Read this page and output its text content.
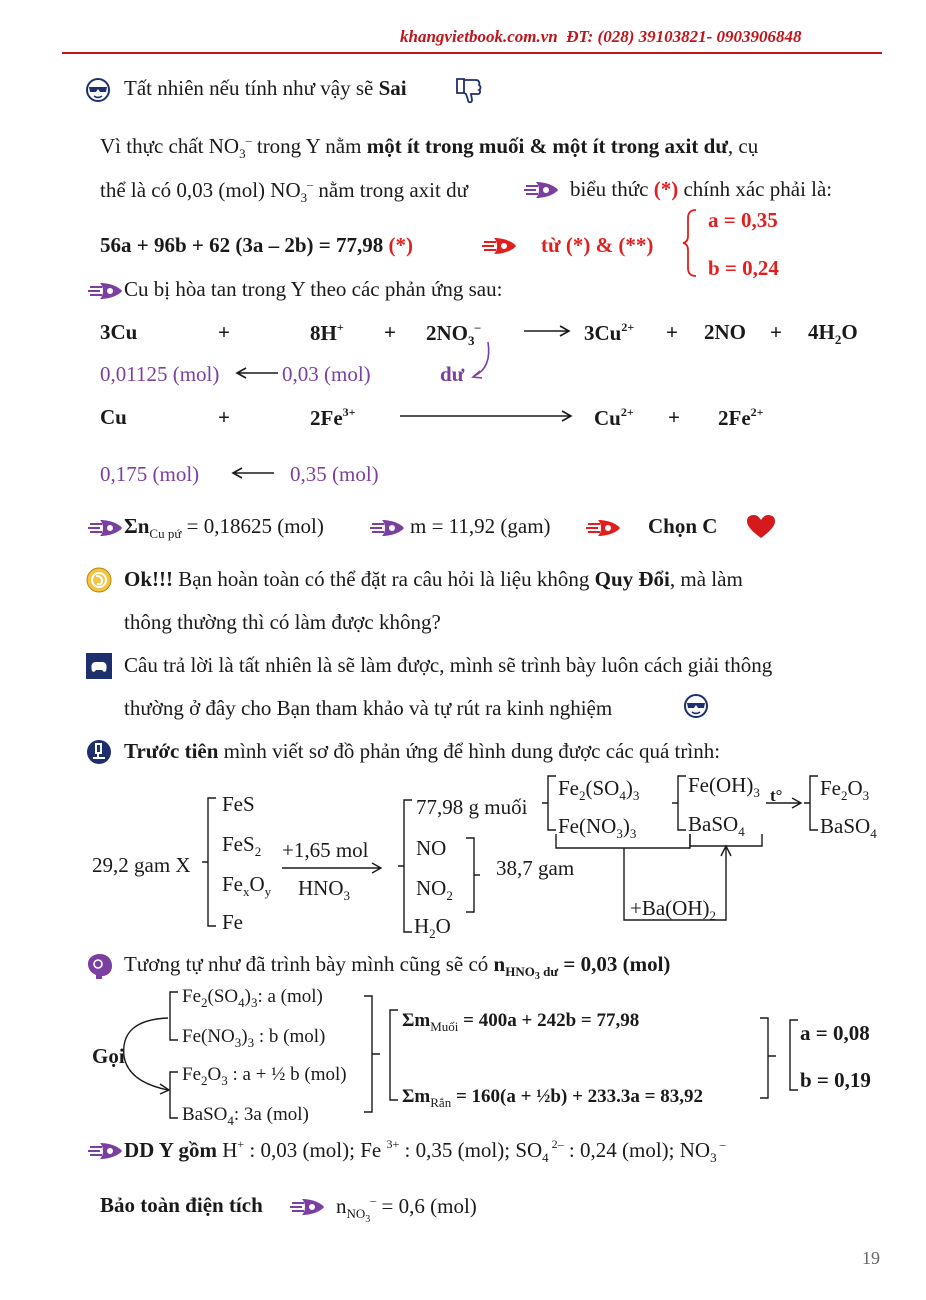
khangvietbook.com.vn ĐT: (028) 39103821- 0903906848
Tất nhiên nếu tính như vậy sẽ Sai
Vì thực chất $NO_3^-$ trong Y nằm một ít trong muối & một ít trong axit dư, cụ
thể là có 0,03 (mol) $NO_3^-$ nằm trong axit dư	biểu thức (*) chính xác phải là:
56a + 96b + 62 (3a – 2b) = 77,98 (*)	từ (*) & (**)
a = 0,35
b = 0,24
Cu bị hòa tan trong Y theo các phản ứng sau:
3Cu	+	$8H^+ + 2NO_3^- \to 3Cu^{2+} + 2NO + 4H_2O$
0,01125 (mol)	0,03 (mol)	dư
Cu	+	$2Fe^{3+}$	$Cu^{2+} + 2Fe^{2+}$
0,175 (mol)	0,35 (mol)
$\Sigma n_{Cu pứ} = 0,18625$ (mol)	m = 11,92 (gam)	Chọn C
Ok!!! Bạn hoàn toàn có thể đặt ra câu hỏi là liệu không Quy Đổi, mà làm
thông thường thì có làm được không?
Câu trả lời là tất nhiên là sẽ làm được, mình sẽ trình bày luôn cách giải thông
thường ở đây cho Bạn tham khảo và tự rút ra kinh nghiệm
Trước tiên mình viết sơ đồ phản ứng để hình dung được các quá trình:
29,2 gam X
FeS
FeS$_2$
$Fe_xO_y$
Fe
+1,65 mol
$HNO_3$
77,98 g muối
NO
$NO_2$
$H_2O$
38,7 gam
$Fe_2(SO_4)_3$
$Fe(NO_3)_3$
$Fe(OH)_3$
BaSO$_4$
t° $Fe_2O_3$
BaSO$_4$
$+Ba(OH)_2$
Tương tự như đã trình bày mình cũng sẽ có $n_{HNO3}$ $_{dư}$ = 0,03 (mol)
Gọi
$Fe_2(SO_4)_3$: a (mol)
$Fe(NO_3)_3$ : b (mol)
$Fe_2O_3$ : a + ½ b (mol)
BaSO$_4$: 3a (mol)
$\Sigma m_{Muối} = 400a + 242b = 77,98$
$\Sigma m_{Rắn} = 160(a$ + ½b) + 233.3a = 83,92
a = 0,08
b = 0,19
DD Y gồm H+ : 0,03 (mol); Fe $^{3+}$ : 0,35 (mol); $SO_4$ $^{2-}$ : 0,24 (mol); $NO_3$ –
Bảo toàn điện tích	$n_{NO3}^- = 0,6$ (mol)
19
